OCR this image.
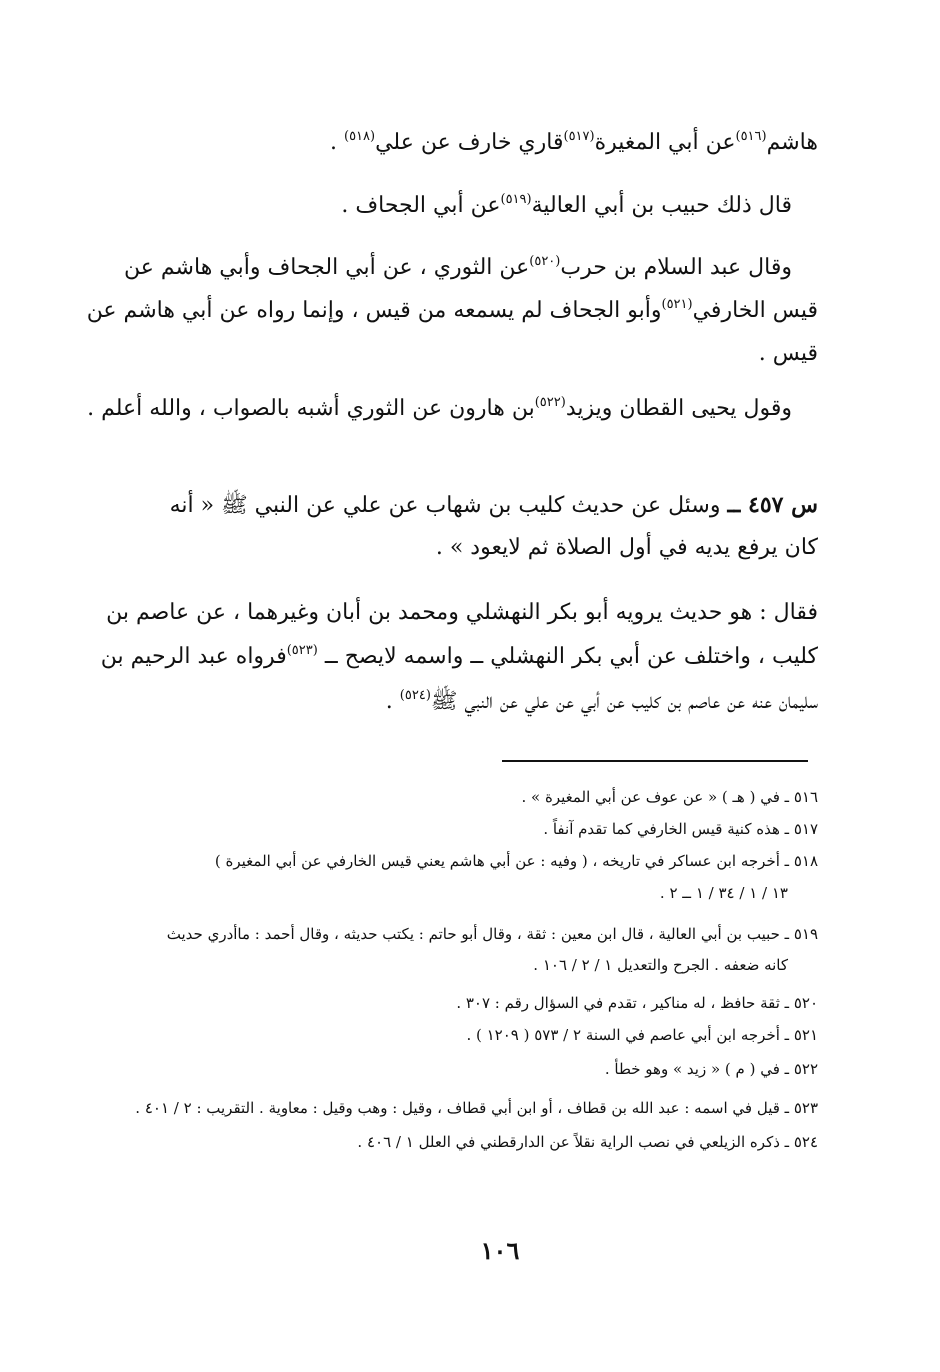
هاشم$^{(٥١٦)}$عن أبي المغيرة$^{(٥١٧)}$قاري خارف عن علي$^{(٥١٨)}$ .
قال ذلك حبيب بن أبي العالية$^{(٥١٩)}$عن أبي الجحاف .
وقال عبد السلام بن حرب$^{(٥٢٠)}$عن الثوري ، عن أبي الجحاف وأبي هاشم عن
قيس الخارفي$^{(٥٢١)}$وأبو الجحاف لم يسمعه من قيس ، وإنما رواه عن أبي هاشم عن
قيس .
وقول يحيى القطان ويزيد$^{(٥٢٢)}$بن هارون عن الثوري أشبه بالصواب ، والله أعلم .
س ٤٥٧ ــ وسئل عن حديث كليب بن شهاب عن علي عن النبي ﷺ « أنه
كان يرفع يديه في أول الصلاة ثم لايعود » .
فقال : هو حديث يرويه أبو بكر النهشلي ومحمد بن أبان وغيرهما ، عن عاصم بن
كليب ، واختلف عن أبي بكر النهشلي ــ واسمه لايصح ــ $^{(٥٢٣)}$فرواه عبد الرحيم بن
سليمان عنه عن عاصم بن كليب عن أبي عن علي عن النبي ﷺ$^{(٥٢٤)}$ .
٥١٦ ـ في ( هـ ) « عن عوف عن أبي المغيرة » .
٥١٧ ـ هذه كنية قيس الخارفي كما تقدم آنفاً .
٥١٨ ـ أخرجه ابن عساكر في تاريخه ، ( وفيه : عن أبي هاشم يعني قيس الخارفي عن أبي المغيرة )
١٣ / ١ / ٣٤ / ١ ــ ٢ .
٥١٩ ـ حبيب بن أبي العالية ، قال ابن معين : ثقة ، وقال أبو حاتم : يكتب حديثه ، وقال أحمد : ماأدري حديث
كانه ضعفه . الجرح والتعديل ١ / ٢ / ١٠٦ .
٥٢٠ ـ ثقة حافظ ، له مناكير ، تقدم في السؤال رقم : ٣٠٧ .
٥٢١ ـ أخرجه ابن أبي عاصم في السنة ٢ / ٥٧٣ ( ١٢٠٩ ) .
٥٢٢ ـ في ( م ) « زيد » وهو خطأ .
٥٢٣ ـ قيل في اسمه : عبد الله بن قطاف ، أو ابن أبي قطاف ، وقيل : وهب وقيل : معاوية . التقريب : ٢ / ٤٠١ .
٥٢٤ ـ ذكره الزيلعي في نصب الراية نقلاً عن الدارقطني في العلل ١ / ٤٠٦ .
١٠٦
